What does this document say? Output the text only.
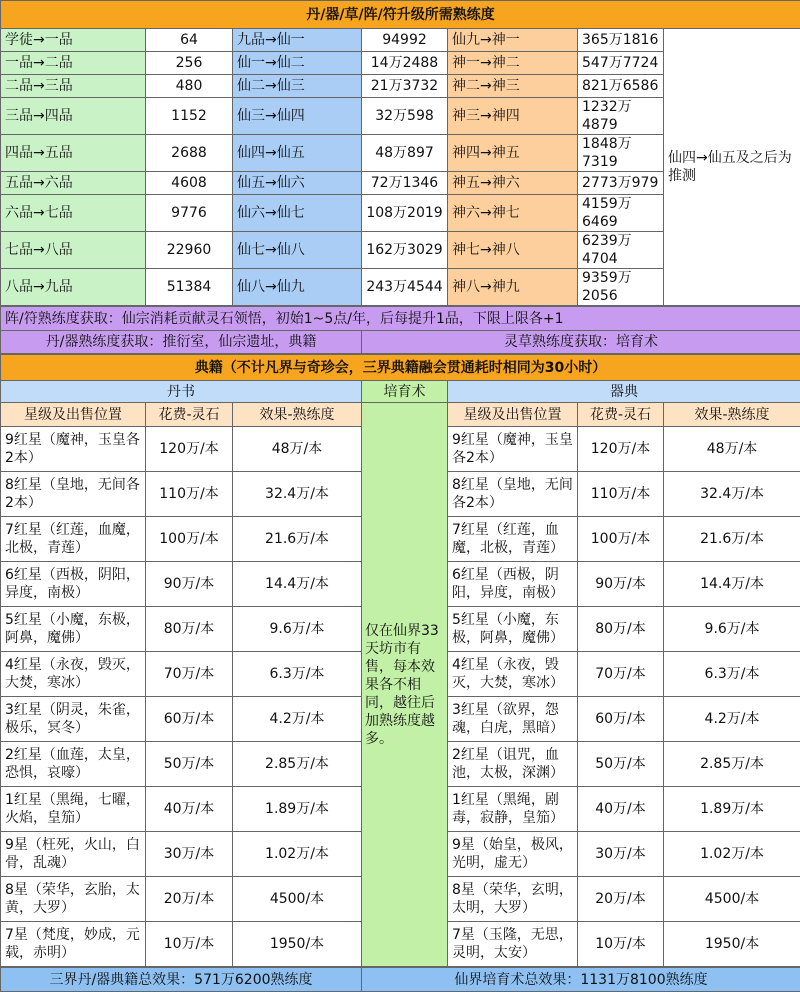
丹/器/草/阵/符升级所需熟练度						
学徒→一品	64	九品→仙一	94992	仙九→神一	365万1816	仙四→仙五及之后为推测
一品→二品	256	仙一→仙二	14万2488	神一→神二	547万7724	
二品→三品	480	仙二→仙三	21万3732	神二→神三	821万6586	
三品→四品	1152	仙三→仙四	32万598	神三→神四	1232万4879	
四品→五品	2688	仙四→仙五	48万897	神四→神五	1848万7319	
五品→六品	4608	仙五→仙六	72万1346	神五→神六	2773万979	
六品→七品	9776	仙六→仙七	108万2019	神六→神七	4159万6469	
七品→八品	22960	仙七→仙八	162万3029	神七→神八	6239万4704	
八品→九品	51384	仙八→仙九	243万4544	神八→神九	9359万2056	
阵/符熟练度获取：仙宗消耗贡献灵石领悟，初始1~5点/年，后每提升1品，下限上限各+1
丹/器熟练度获取：推衍室，仙宗遗址，典籍	灵草熟练度获取：培育术
典籍（不计凡界与奇珍会，三界典籍融会贯通耗时相同为30小时）						
丹书			培育术	器典		
星级及出售位置	花费-灵石	效果-熟练度	仅在仙界33天坊市有售，每本效果各不相同，越往后加熟练度越多。	星级及出售位置	花费-灵石	效果-熟练度
9红星（魔神，玉皇各2本）	120万/本	48万/本		9红星（魔神，玉皇各2本）	120万/本	48万/本
8红星（皇地，无间各2本）	110万/本	32.4万/本		8红星（皇地，无间各2本）	110万/本	32.4万/本
7红星（红莲，血魔，北极，青莲）	100万/本	21.6万/本		7红星（红莲，血魔，北极，青莲）	100万/本	21.6万/本
6红星（西极，阴阳，异度，南极）	90万/本	14.4万/本		6红星（西极，阴阳，异度，南极）	90万/本	14.4万/本
5红星（小魔，东极，阿鼻，魔佛）	80万/本	9.6万/本		5红星（小魔，东极，阿鼻，魔佛）	80万/本	9.6万/本
4红星（永夜，毁灭，大焚，寒冰）	70万/本	6.3万/本		4红星（永夜，毁灭，大焚，寒冰）	70万/本	6.3万/本
3红星（阴灵，朱雀，极乐，冥冬）	60万/本	4.2万/本		3红星（欲界，怨魂，白虎，黑暗）	60万/本	4.2万/本
2红星（血莲，太皇，恐惧，哀嚎）	50万/本	2.85万/本		2红星（诅咒，血池，太极，深渊）	50万/本	2.85万/本
1红星（黑绳，七曜，火焰，皇笳）	40万/本	1.89万/本		1红星（黑绳，剧毒，寂静，皇笳）	40万/本	1.89万/本
9星（枉死，火山，白骨，乱魂）	30万/本	1.02万/本		9星（始皇，极风，光明，虚无）	30万/本	1.02万/本
8星（荣华，玄胎，太黄，大罗）	20万/本	4500/本		8星（荣华，玄明，太明，大罗）	20万/本	4500/本
7星（梵度，妙成，元载，赤明）	10万/本	1950/本		7星（玉隆，无思，灵明，太安）	10万/本	1950/本
三界丹/器典籍总效果：571万6200熟练度	仙界培育术总效果：1131万8100熟练度
